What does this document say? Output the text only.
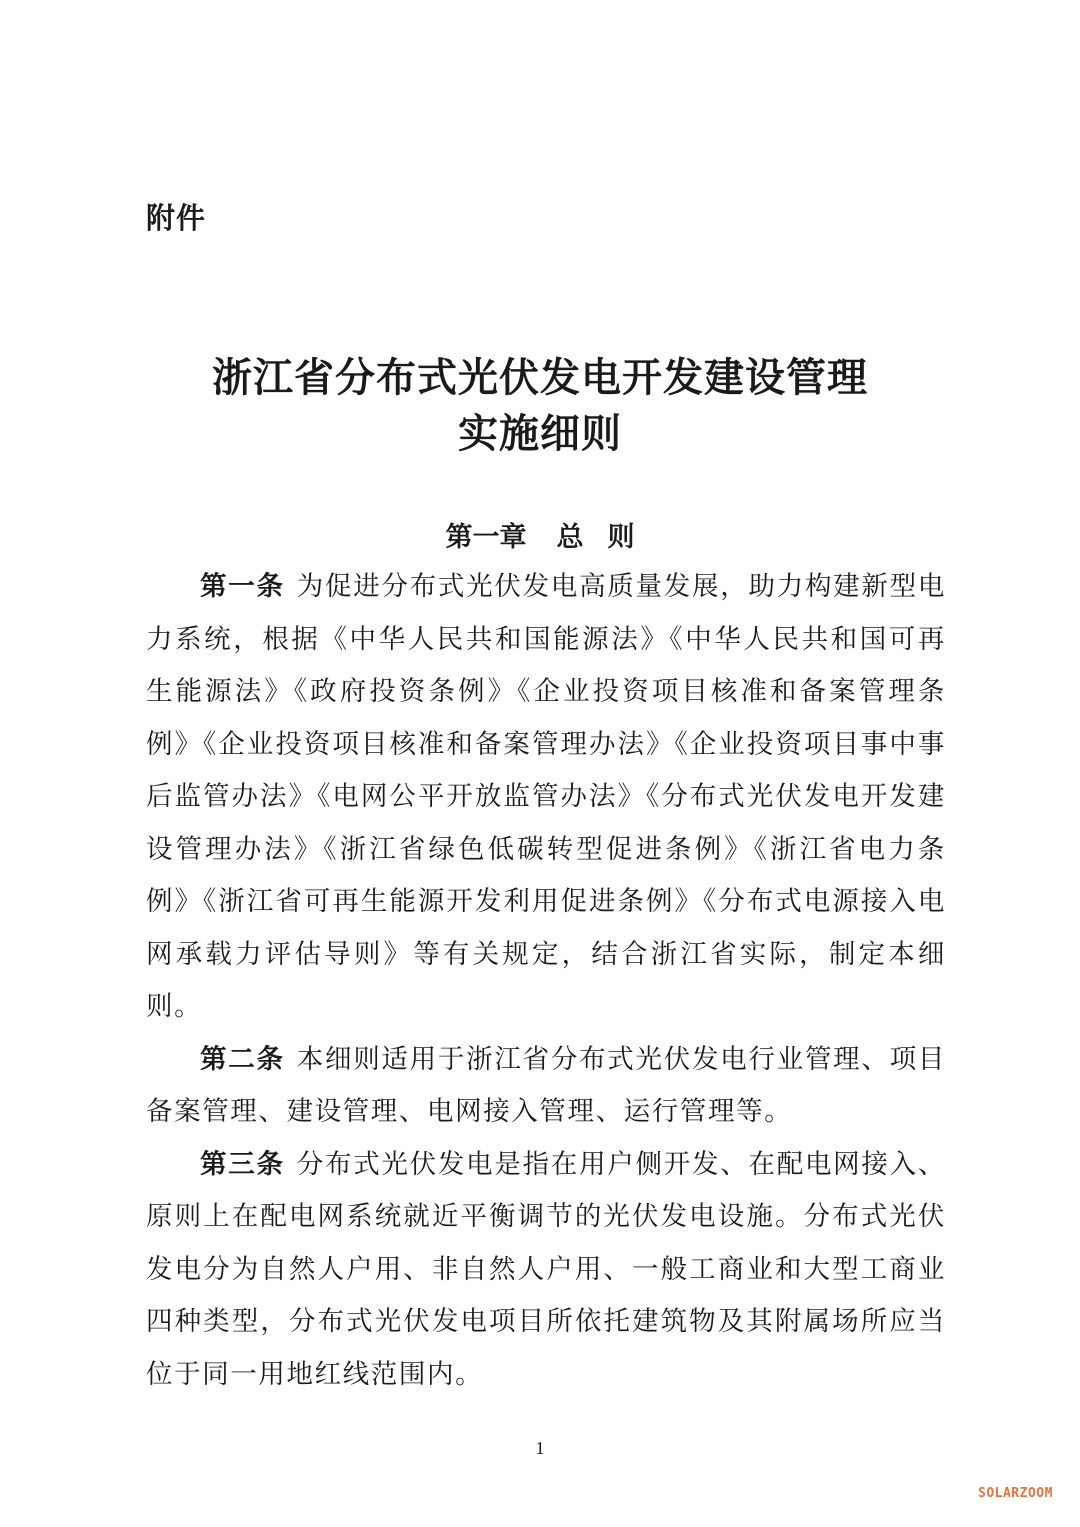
附件
浙江省分布式光伏发电开发建设管理
实施细则
第一章 总 则

第一条 为促进分布式光伏发电高质量发展，助力构建新型电力系统，根据《中华人民共和国能源法》《中华人民共和国可再生能源法》《政府投资条例》《企业投资项目核准和备案管理条例》《企业投资项目核准和备案管理办法》《企业投资项目事中事后监管办法》《电网公平开放监管办法》《分布式光伏发电开发建设管理办法》《浙江省绿色低碳转型促进条例》《浙江省电力条例》《浙江省可再生能源开发利用促进条例》《分布式电源接入电网承载力评估导则》等有关规定，结合浙江省实际，制定本细则。

第二条 本细则适用于浙江省分布式光伏发电行业管理、项目备案管理、建设管理、电网接入管理、运行管理等。

第三条 分布式光伏发电是指在用户侧开发、在配电网接入、原则上在配电网系统就近平衡调节的光伏发电设施。分布式光伏发电分为自然人户用、非自然人户用、一般工商业和大型工商业四种类型，分布式光伏发电项目所依托建筑物及其附属场所应当位于同一用地红线范围内。

1
SOLARZOOM
